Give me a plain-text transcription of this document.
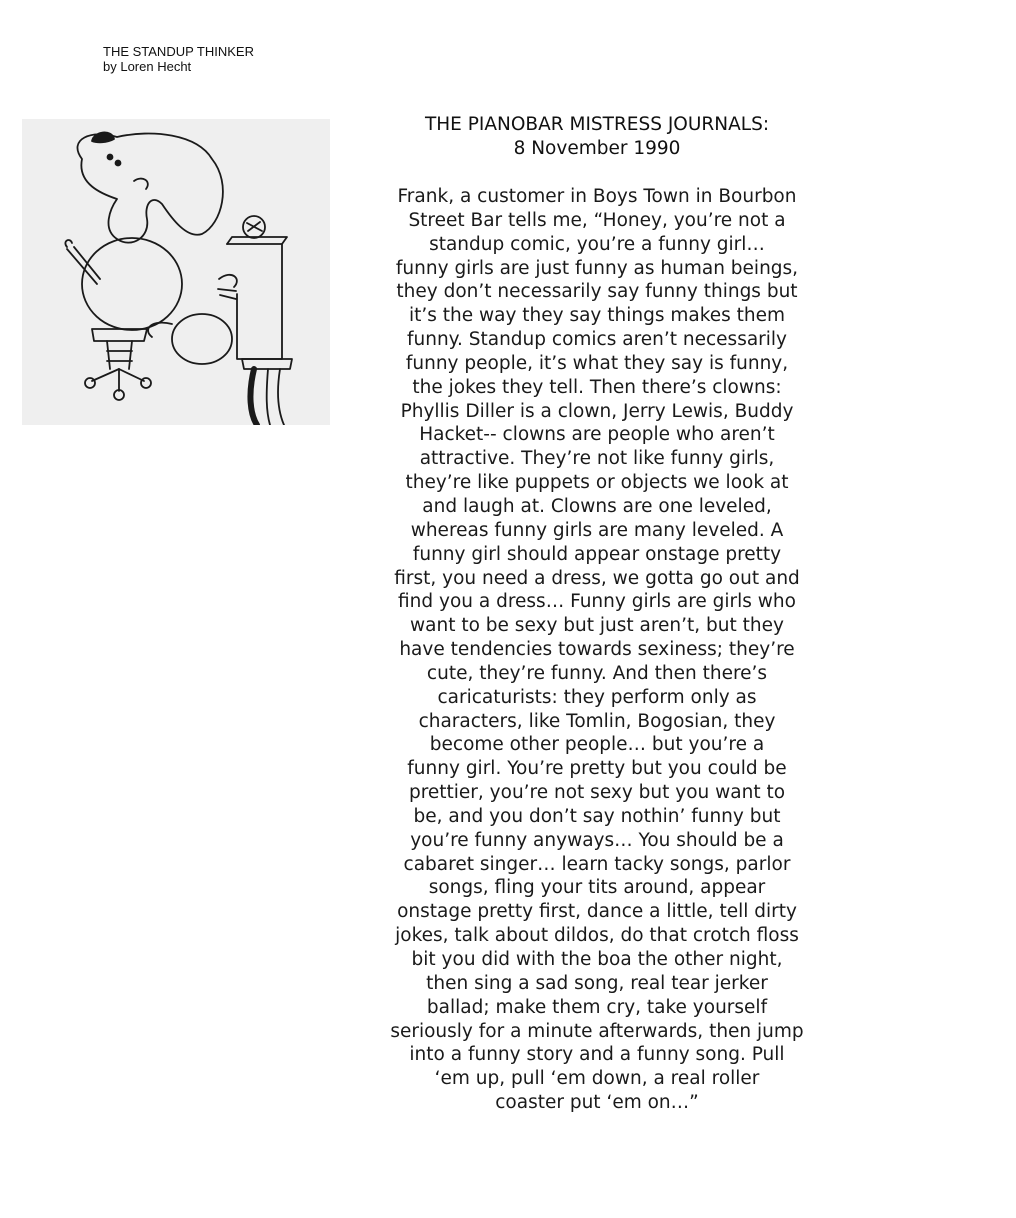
THE STANDUP THINKER
by Loren Hecht
THE PIANOBAR MISTRESS JOURNALS:
8 November 1990
Frank, a customer in Boys Town in Bourbon
Street Bar tells me, “Honey, you’re not a
standup comic, you’re a funny girl…
funny girls are just funny as human beings,
they don’t necessarily say funny things but
it’s the way they say things makes them
funny. Standup comics aren’t necessarily
funny people, it’s what they say is funny,
the jokes they tell. Then there’s clowns:
Phyllis Diller is a clown, Jerry Lewis, Buddy
Hacket-- clowns are people who aren’t
attractive. They’re not like funny girls,
they’re like puppets or objects we look at
and laugh at. Clowns are one leveled,
whereas funny girls are many leveled. A
funny girl should appear onstage pretty
first, you need a dress, we gotta go out and
find you a dress… Funny girls are girls who
want to be sexy but just aren’t, but they
have tendencies towards sexiness; they’re
cute, they’re funny. And then there’s
caricaturists: they perform only as
characters, like Tomlin, Bogosian, they
become other people… but you’re a
funny girl. You’re pretty but you could be
prettier, you’re not sexy but you want to
be, and you don’t say nothin’ funny but
you’re funny anyways… You should be a
cabaret singer… learn tacky songs, parlor
songs, fling your tits around, appear
onstage pretty first, dance a little, tell dirty
jokes, talk about dildos, do that crotch floss
bit you did with the boa the other night,
then sing a sad song, real tear jerker
ballad; make them cry, take yourself
seriously for a minute afterwards, then jump
into a funny story and a funny song. Pull
‘em up, pull ‘em down, a real roller
coaster put ‘em on…”
